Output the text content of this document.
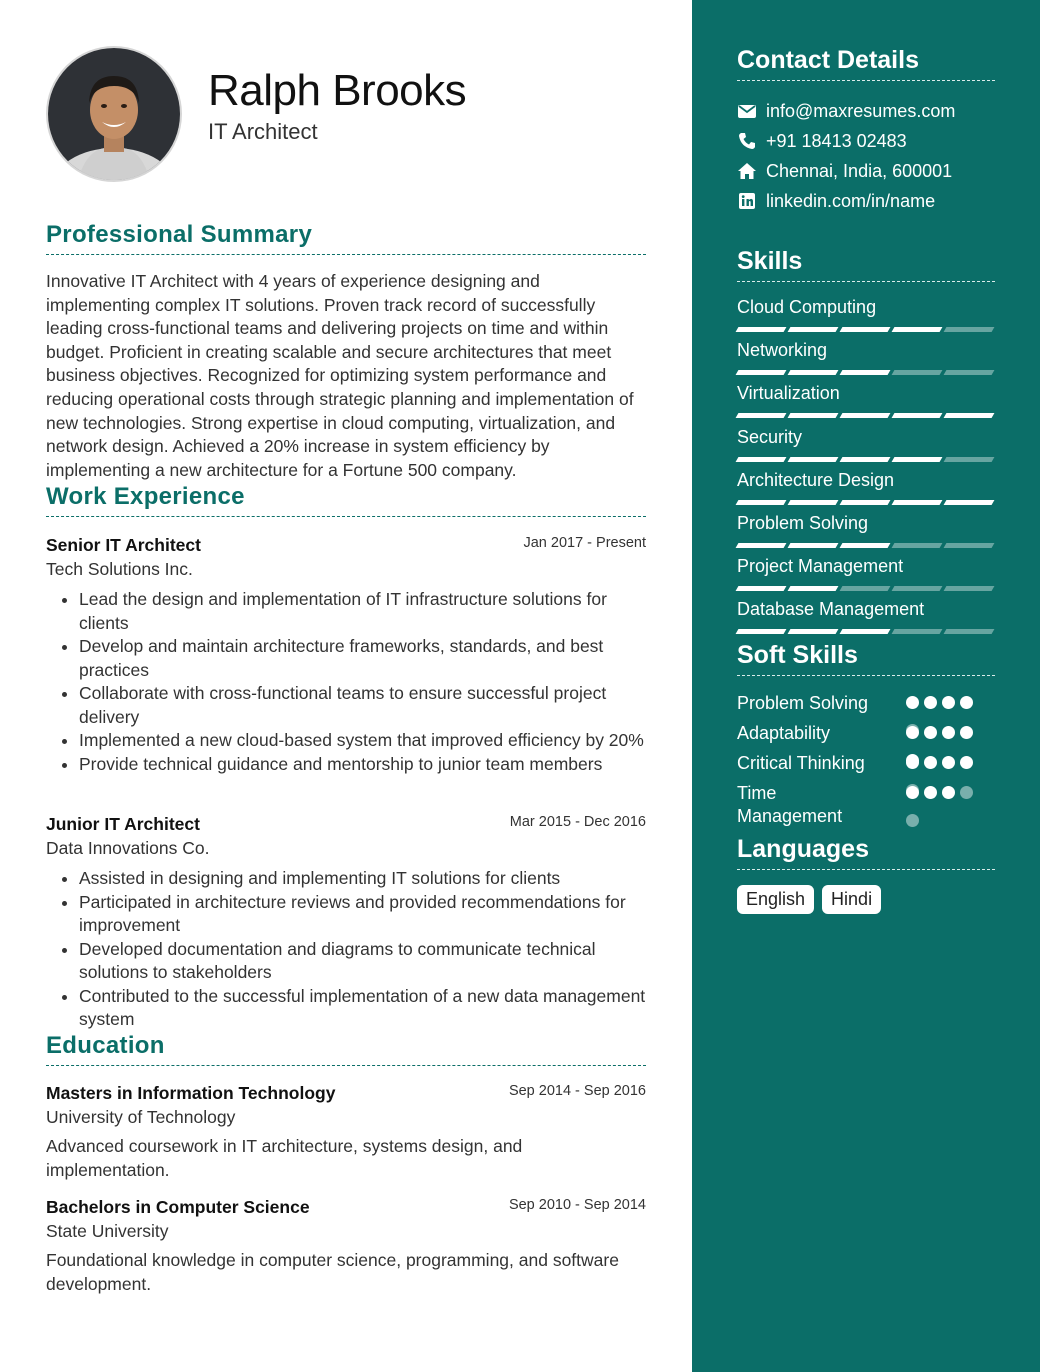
Ralph Brooks
IT Architect
Professional Summary

Innovative IT Architect with 4 years of experience designing and implementing complex IT solutions. Proven track record of successfully leading cross-functional teams and delivering projects on time and within budget. Proficient in creating scalable and secure architectures that meet business objectives. Recognized for optimizing system performance and reducing operational costs through strategic planning and implementation of new technologies. Strong expertise in cloud computing, virtualization, and network design. Achieved a 20% increase in system efficiency by implementing a new architecture for a Fortune 500 company.

Work Experience
Senior IT Architect	Jan 2017 - Present
Tech Solutions Inc.
• Lead the design and implementation of IT infrastructure solutions for clients
• Develop and maintain architecture frameworks, standards, and best practices
• Collaborate with cross-functional teams to ensure successful project delivery
• Implemented a new cloud-based system that improved efficiency by 20%
• Provide technical guidance and mentorship to junior team members
Junior IT Architect	Mar 2015 - Dec 2016
Data Innovations Co.
• Assisted in designing and implementing IT solutions for clients
• Participated in architecture reviews and provided recommendations for improvement
• Developed documentation and diagrams to communicate technical solutions to stakeholders
• Contributed to the successful implementation of a new data management system
Education
Masters in Information Technology	Sep 2014 - Sep 2016
University of Technology
Advanced coursework in IT architecture, systems design, and implementation.
Bachelors in Computer Science	Sep 2010 - Sep 2014
State University
Foundational knowledge in computer science, programming, and software development.
Contact Details
info@maxresumes.com
+91 18413 02483
Chennai, India, 600001
linkedin.com/in/name
Skills
Cloud Computing
Networking
Virtualization
Security
Architecture Design
Problem Solving
Project Management
Database Management
Soft Skills
Problem Solving
Adaptability
Critical Thinking
Time Management
Languages
English	Hindi
